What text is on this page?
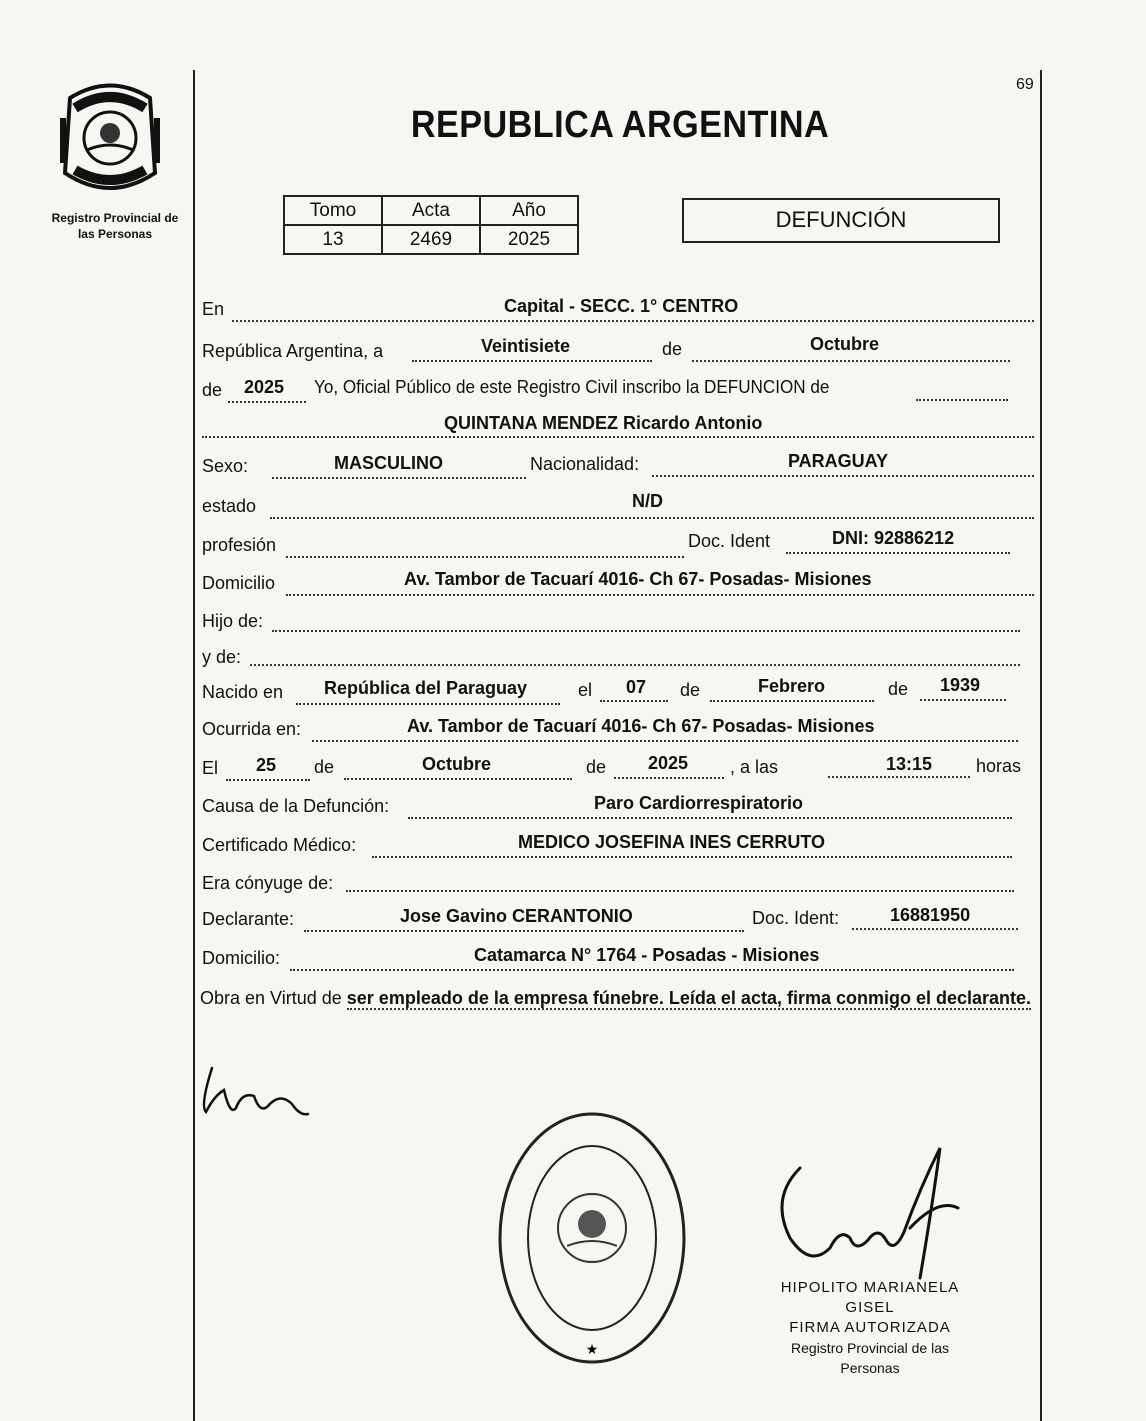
69
Registro Provincial de
las Personas
REPUBLICA ARGENTINA
Tomo	Acta	Año
13	2469	2025
DEFUNCIÓN
En	Capital - SECC. 1° CENTRO
República Argentina, a	Veintisiete	de	Octubre
de 2025 Yo, Oficial Público de este Registro Civil inscribo la DEFUNCION de
QUINTANA MENDEZ Ricardo Antonio
Sexo:	MASCULINO	Nacionalidad:	PARAGUAY
estado	N/D
profesión	Doc. Ident	DNI: 92886212
Domicilio	Av. Tambor de Tacuarí 4016- Ch 67- Posadas- Misiones
Hijo de:
y de:
Nacido en República del Paraguay	el 07 de	Febrero	de 1939
Ocurrida en:	Av. Tambor de Tacuarí 4016- Ch 67- Posadas- Misiones
El 25 de	Octubre	de 2025 , a las	13:15 horas
Causa de la Defunción:	Paro Cardiorrespiratorio
Certificado Médico:	MEDICO JOSEFINA INES CERRUTO
Era cónyuge de:
Declarante:	Jose Gavino CERANTONIO	Doc. Ident:	16881950
Domicilio:	Catamarca N° 1764 - Posadas - Misiones
Obra en Virtud de ser empleado de la empresa fúnebre. Leída el acta, firma conmigo el declarante.
★
HIPOLITO MARIANELA GISEL
FIRMA AUTORIZADA
Registro Provincial de las Personas
